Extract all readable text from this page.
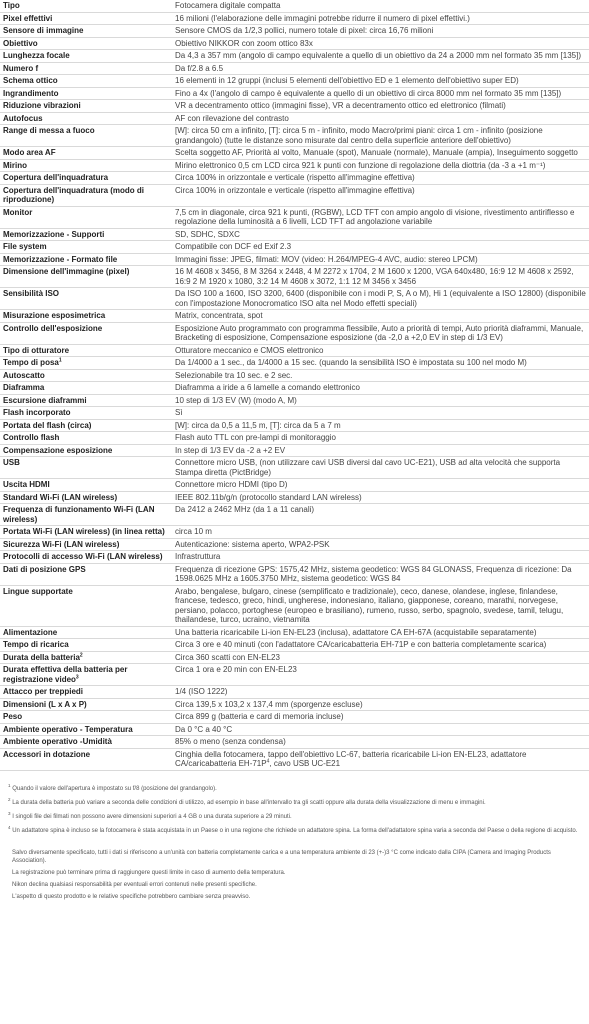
Tipo	Fotocamera digitale compatta
Pixel effettivi	16 milioni (l'elaborazione delle immagini potrebbe ridurre il numero di pixel effettivi.)
Sensore di immagine	Sensore CMOS da 1/2,3 pollici, numero totale di pixel: circa 16,76 milioni
Obiettivo	Obiettivo NIKKOR con zoom ottico 83x
Lunghezza focale	Da 4,3 a 357 mm (angolo di campo equivalente a quello di un obiettivo da 24 a 2000 mm nel formato 35 mm [135])
Numero f	Da f/2.8 a 6.5
Schema ottico	16 elementi in 12 gruppi (inclusi 5 elementi dell'obiettivo ED e 1 elemento dell'obiettivo super ED)
Ingrandimento	Fino a 4x (l'angolo di campo è equivalente a quello di un obiettivo di circa 8000 mm nel formato 35 mm [135])
Riduzione vibrazioni	VR a decentramento ottico (immagini fisse), VR a decentramento ottico ed elettronico (filmati)
Autofocus	AF con rilevazione del contrasto
Range di messa a fuoco	[W]: circa 50 cm a infinito, [T]: circa 5 m - infinito, modo Macro/primi piani: circa 1 cm - infinito (posizione grandangolo) (tutte le distanze sono misurate dal centro della superficie anteriore dell'obiettivo)
Modo area AF	Scelta soggetto AF, Priorità al volto, Manuale (spot), Manuale (normale), Manuale (ampia), Inseguimento soggetto
Mirino	Mirino elettronico 0,5 cm LCD circa 921 k punti con funzione di regolazione della diottria (da -3 a +1 m⁻¹)
Copertura dell'inquadratura	Circa 100% in orizzontale e verticale (rispetto all'immagine effettiva)
Copertura dell'inquadratura (modo di riproduzione)	Circa 100% in orizzontale e verticale (rispetto all'immagine effettiva)
Monitor	7,5 cm in diagonale, circa 921 k punti, (RGBW), LCD TFT con ampio angolo di visione, rivestimento antiriflesso e regolazione della luminosità a 6 livelli, LCD TFT ad angolazione variabile
Memorizzazione - Supporti	SD, SDHC, SDXC
File system	Compatibile con DCF ed Exif 2.3
Memorizzazione - Formato file	Immagini fisse: JPEG, filmati: MOV (video: H.264/MPEG-4 AVC, audio: stereo LPCM)
Dimensione dell'immagine (pixel)	16 M 4608 x 3456, 8 M 3264 x 2448, 4 M 2272 x 1704, 2 M 1600 x 1200, VGA 640x480, 16:9 12 M 4608 x 2592, 16:9 2 M 1920 x 1080, 3:2 14 M 4608 x 3072, 1:1 12 M 3456 x 3456
Sensibilità ISO	Da ISO 100 a 1600, ISO 3200, 6400 (disponibile con i modi P, S, A o M), Hi 1 (equivalente a ISO 12800) (disponibile con l'impostazione Monocromatico ISO alta nel Modo effetti speciali)
Misurazione esposimetrica	Matrix, concentrata, spot
Controllo dell'esposizione	Esposizione Auto programmato con programma flessibile, Auto a priorità di tempi, Auto priorità diaframmi, Manuale, Bracketing di esposizione, Compensazione esposizione (da -2,0 a +2,0 EV in step di 1/3 EV)
Tipo di otturatore	Otturatore meccanico e CMOS elettronico
Tempo di posa$^1$	Da 1/4000 a 1 sec., da 1/4000 a 15 sec. (quando la sensibilità ISO è impostata su 100 nel modo M)
Autoscatto	Selezionabile tra 10 sec. e 2 sec.
Diaframma	Diaframma a iride a 6 lamelle a comando elettronico
Escursione diaframmi	10 step di 1/3 EV (W) (modo A, M)
Flash incorporato	Sì
Portata del flash (circa)	[W]: circa da 0,5 a 11,5 m, [T]: circa da 5 a 7 m
Controllo flash	Flash auto TTL con pre-lampi di monitoraggio
Compensazione esposizione	In step di 1/3 EV da -2 a +2 EV
USB	Connettore micro USB, (non utilizzare cavi USB diversi dal cavo UC-E21), USB ad alta velocità che supporta Stampa diretta (PictBridge)
Uscita HDMI	Connettore micro HDMI (tipo D)
Standard Wi-Fi (LAN wireless)	IEEE 802.11b/g/n (protocollo standard LAN wireless)
Frequenza di funzionamento Wi-Fi (LAN wireless)	Da 2412 a 2462 MHz (da 1 a 11 canali)
Portata Wi-Fi (LAN wireless) (in linea retta)	circa 10 m
Sicurezza Wi-Fi (LAN wireless)	Autenticazione: sistema aperto, WPA2-PSK
Protocolli di accesso Wi-Fi (LAN wireless)	Infrastruttura
Dati di posizione GPS	Frequenza di ricezione GPS: 1575,42 MHz, sistema geodetico: WGS 84 GLONASS, Frequenza di ricezione: Da 1598.0625 MHz a 1605.3750 MHz, sistema geodetico: WGS 84
Lingue supportate	Arabo, bengalese, bulgaro, cinese (semplificato e tradizionale), ceco, danese, olandese, inglese, finlandese, francese, tedesco, greco, hindi, ungherese, indonesiano, italiano, giapponese, coreano, marathi, norvegese, persiano, polacco, portoghese (europeo e brasiliano), rumeno, russo, serbo, spagnolo, svedese, tamil, telugu, thailandese, turco, ucraino, vietnamita
Alimentazione	Una batteria ricaricabile Li-ion EN-EL23 (inclusa), adattatore CA EH-67A (acquistabile separatamente)
Tempo di ricarica	Circa 3 ore e 40 minuti (con l'adattatore CA/caricabatteria EH-71P e con batteria completamente scarica)
Durata della batteria$^2$	Circa 360 scatti con EN-EL23
Durata effettiva della batteria per registrazione video$^3$	Circa 1 ora e 20 min con EN-EL23
Attacco per treppiedi	1/4 (ISO 1222)
Dimensioni (L x A x P)	Circa 139,5 x 103,2 x 137,4 mm (sporgenze escluse)
Peso	Circa 899 g (batteria e card di memoria incluse)
Ambiente operativo - Temperatura	Da 0 °C a 40 °C
Ambiente operativo -Umidità	85% o meno (senza condensa)
Accessori in dotazione	Cinghia della fotocamera, tappo dell'obiettivo LC-67, batteria ricaricabile Li-ion EN-EL23, adattatore CA/caricabatteria $EH-71P^4$, cavo USB UC-E21
$^1$ Quando il valore dell'apertura è impostato su f/8 (posizione del grandangolo).
$^2$ La durata della batteria può variare a seconda delle condizioni di utilizzo, ad esempio in base all'intervallo tra gli scatti oppure alla durata della visualizzazione di menu e immagini.
$^3$ I singoli file dei filmati non possono avere dimensioni superiori a 4 GB o una durata superiore a 29 minuti.
$^4$ Un adattatore spina è incluso se la fotocamera è stata acquistata in un Paese o in una regione che richiede un adattatore spina. La forma dell'adattatore spina varia a seconda del Paese o della regione di acquisto.

Salvo diversamente specificato, tutti i dati si riferiscono a un'unità con batteria completamente carica e a una temperatura ambiente di 23 (+-)3 °C come indicato dalla CIPA (Camera and Imaging Products Association).

La registrazione può terminare prima di raggiungere questi limite in caso di aumento della temperatura.

Nikon declina qualsiasi responsabilità per eventuali errori contenuti nelle presenti specifiche.

L'aspetto di questo prodotto e le relative specifiche potrebbero cambiare senza preavviso.
